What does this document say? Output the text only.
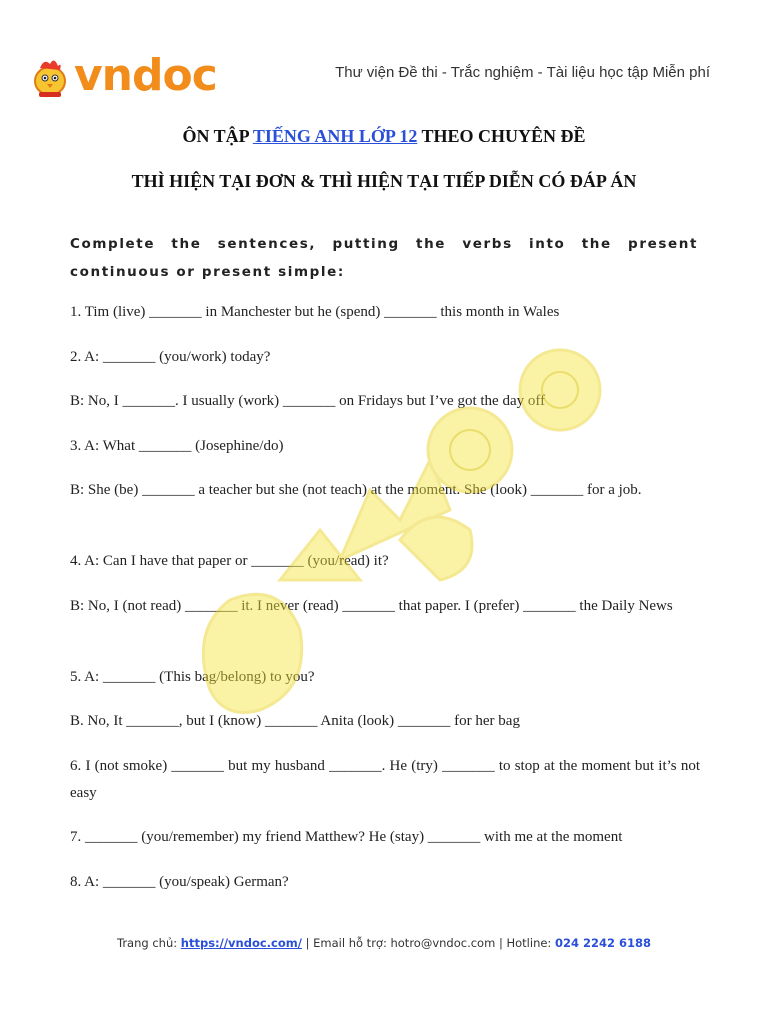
vndoc	Thư viện Đề thi - Trắc nghiệm - Tài liệu học tập Miễn phí
ÔN TẬP TIẾNG ANH LỚP 12 THEO CHUYÊN ĐỀ
THÌ HIỆN TẠI ĐƠN & THÌ HIỆN TẠI TIẾP DIỄN CÓ ĐÁP ÁN
Complete the sentences, putting the verbs into the present continuous or present simple:
1. Tim (live) _______ in Manchester but he (spend) _______ this month in Wales
2. A: _______ (you/work) today?
B: No, I _______. I usually (work) _______ on Fridays but I’ve got the day off
3. A: What _______ (Josephine/do)
B: She (be) _______ a teacher but she (not teach) at the moment. She (look) _______ for a job.
4. A: Can I have that paper or _______ (you/read) it?
B: No, I (not read) _______ it. I never (read) _______ that paper. I (prefer) _______ the Daily News
5. A: _______ (This bag/belong) to you?
B. No, It _______, but I (know) _______ Anita (look) _______ for her bag
6. I (not smoke) _______ but my husband _______. He (try) _______ to stop at the moment but it’s not easy
7. _______ (you/remember) my friend Matthew? He (stay) _______ with me at the moment
8. A: _______ (you/speak) German?
Trang chủ: https://vndoc.com/ | Email hỗ trợ: hotro@vndoc.com | Hotline: 024 2242 6188
